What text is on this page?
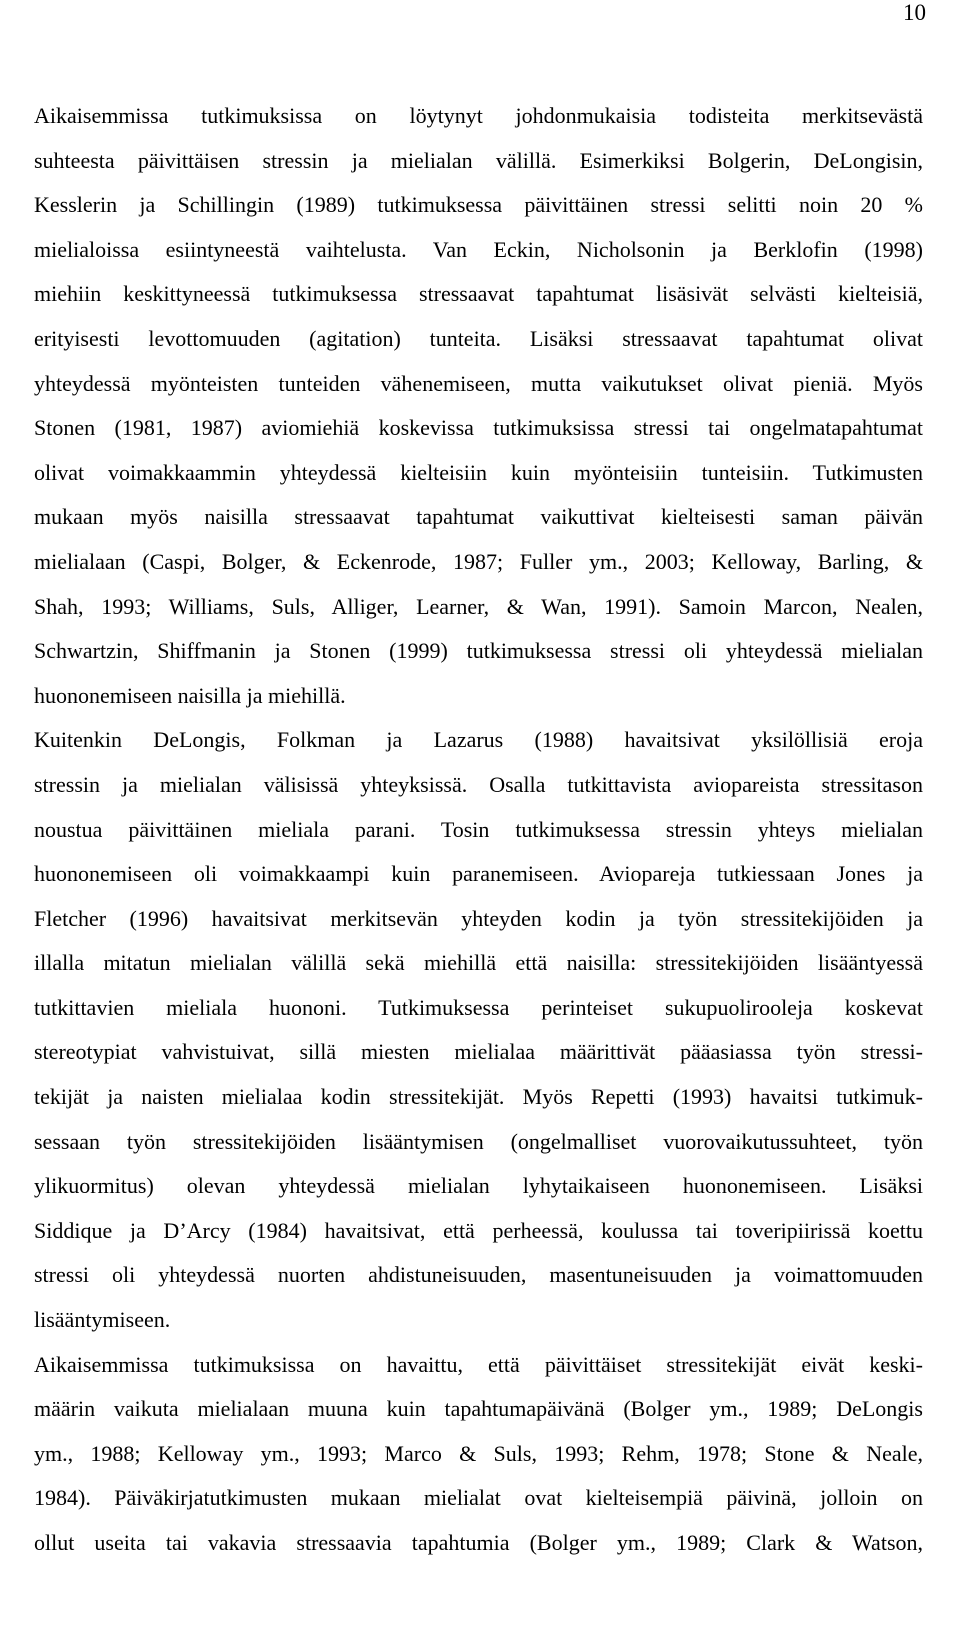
10
Aikaisemmissa tutkimuksissa on löytynyt johdonmukaisia todisteita merkitsevästä
suhteesta päivittäisen stressin ja mielialan välillä. Esimerkiksi Bolgerin, DeLongisin,
Kesslerin ja Schillingin (1989) tutkimuksessa päivittäinen stressi selitti noin 20 %
mielialoissa esiintyneestä vaihtelusta. Van Eckin, Nicholsonin ja Berklofin (1998)
miehiin keskittyneessä tutkimuksessa stressaavat tapahtumat lisäsivät selvästi kielteisiä,
erityisesti levottomuuden (agitation) tunteita. Lisäksi stressaavat tapahtumat olivat
yhteydessä myönteisten tunteiden vähenemiseen, mutta vaikutukset olivat pieniä. Myös
Stonen (1981, 1987) aviomiehiä koskevissa tutkimuksissa stressi tai ongelmatapahtumat
olivat voimakkaammin yhteydessä kielteisiin kuin myönteisiin tunteisiin. Tutkimusten
mukaan myös naisilla stressaavat tapahtumat vaikuttivat kielteisesti saman päivän
mielialaan (Caspi, Bolger, & Eckenrode, 1987; Fuller ym., 2003; Kelloway, Barling, &
Shah, 1993; Williams, Suls, Alliger, Learner, & Wan, 1991). Samoin Marcon, Nealen,
Schwartzin, Shiffmanin ja Stonen (1999) tutkimuksessa stressi oli yhteydessä mielialan
huononemiseen naisilla ja miehillä.
Kuitenkin DeLongis, Folkman ja Lazarus (1988) havaitsivat yksilöllisiä eroja
stressin ja mielialan välisissä yhteyksissä. Osalla tutkittavista aviopareista stressitason
noustua päivittäinen mieliala parani. Tosin tutkimuksessa stressin yhteys mielialan
huononemiseen oli voimakkaampi kuin paranemiseen. Aviopareja tutkiessaan Jones ja
Fletcher (1996) havaitsivat merkitsevän yhteyden kodin ja työn stressitekijöiden ja
illalla mitatun mielialan välillä sekä miehillä että naisilla: stressitekijöiden lisääntyessä
tutkittavien mieliala huononi. Tutkimuksessa perinteiset sukupuolirooleja koskevat
stereotypiat vahvistuivat, sillä miesten mielialaa määrittivät pääasiassa työn stressi-
tekijät ja naisten mielialaa kodin stressitekijät. Myös Repetti (1993) havaitsi tutkimuk-
sessaan työn stressitekijöiden lisääntymisen (ongelmalliset vuorovaikutussuhteet, työn
ylikuormitus) olevan yhteydessä mielialan lyhytaikaiseen huononemiseen. Lisäksi
Siddique ja D’Arcy (1984) havaitsivat, että perheessä, koulussa tai toveripiirissä koettu
stressi oli yhteydessä nuorten ahdistuneisuuden, masentuneisuuden ja voimattomuuden
lisääntymiseen.
Aikaisemmissa tutkimuksissa on havaittu, että päivittäiset stressitekijät eivät keski-
määrin vaikuta mielialaan muuna kuin tapahtumapäivänä (Bolger ym., 1989; DeLongis
ym., 1988; Kelloway ym., 1993; Marco & Suls, 1993; Rehm, 1978; Stone & Neale,
1984). Päiväkirjatutkimusten mukaan mielialat ovat kielteisempiä päivinä, jolloin on
ollut useita tai vakavia stressaavia tapahtumia (Bolger ym., 1989; Clark & Watson,
